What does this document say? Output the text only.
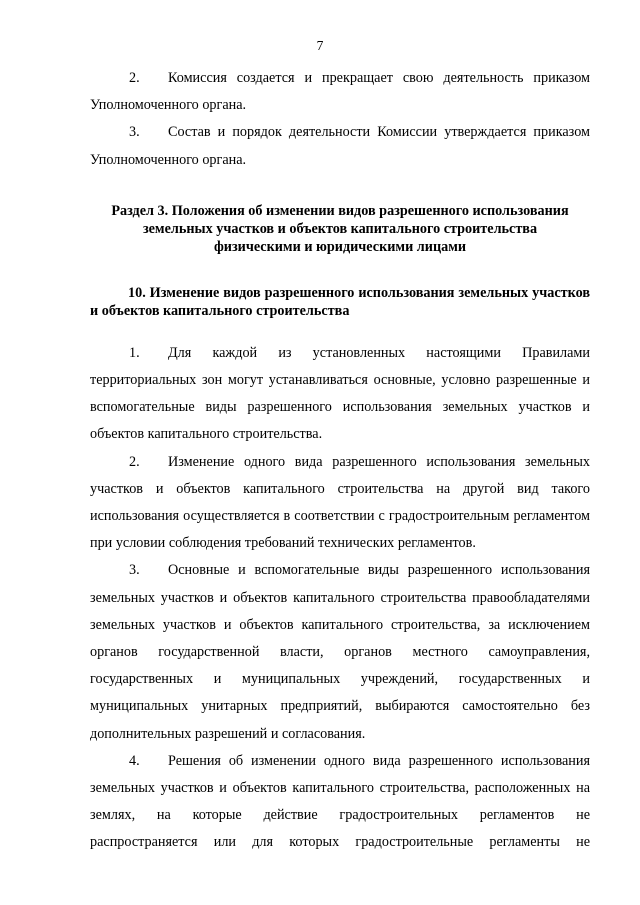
7

2. Комиссия создается и прекращает свою деятельность приказом Уполномоченного органа.

3. Состав и порядок деятельности Комиссии утверждается приказом Уполномоченного органа.

Раздел 3. Положения об изменении видов разрешенного использования
земельных участков и объектов капитального строительства
физическими и юридическими лицами
10. Изменение видов разрешенного использования земельных участков и объектов капитального строительства

1. Для каждой из установленных настоящими Правилами территориальных зон могут устанавливаться основные, условно разрешенные и вспомогательные виды разрешенного использования земельных участков и объектов капитального строительства.

2. Изменение одного вида разрешенного использования земельных участков и объектов капитального строительства на другой вид такого использования осуществляется в соответствии с градостроительным регламентом при условии соблюдения требований технических регламентов.

3. Основные и вспомогательные виды разрешенного использования земельных участков и объектов капитального строительства правообладателями земельных участков и объектов капитального строительства, за исключением органов государственной власти, органов местного самоуправления, государственных и муниципальных учреждений, государственных и муниципальных унитарных предприятий, выбираются самостоятельно без дополнительных разрешений и согласования.

4. Решения об изменении одного вида разрешенного использования земельных участков и объектов капитального строительства, расположенных на землях, на которые действие градостроительных регламентов не распространяется или для которых градостроительные регламенты не
